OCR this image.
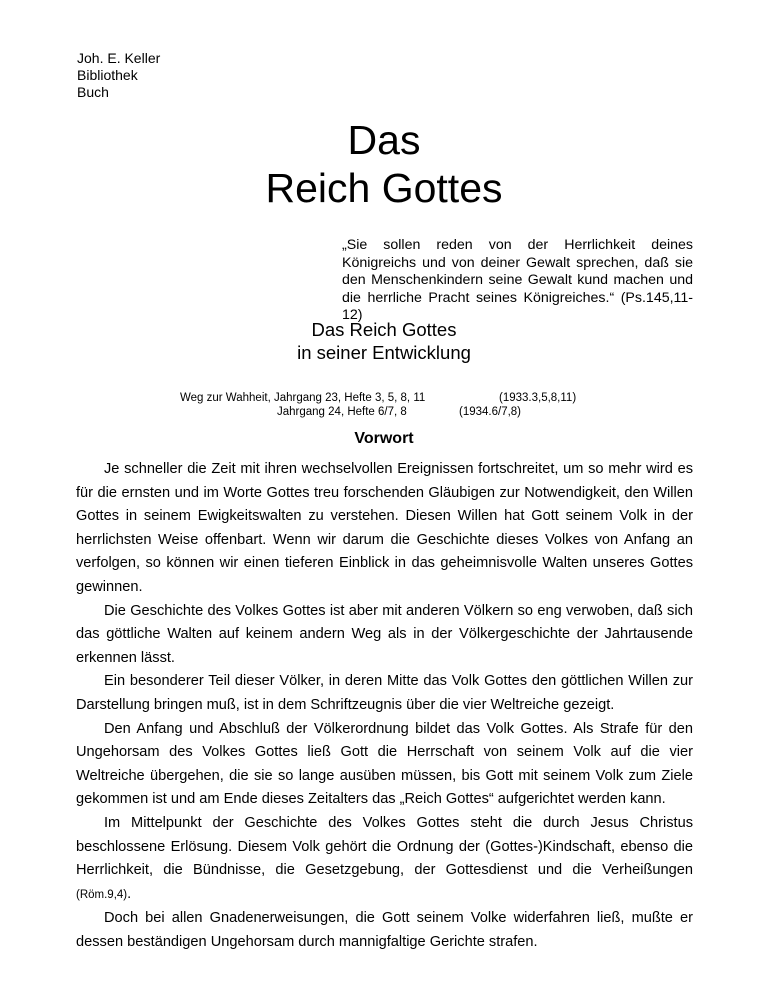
Joh. E. Keller
Bibliothek
Buch
Das
Reich Gottes
„Sie sollen reden von der Herrlichkeit deines Königreichs und von deiner Gewalt sprechen, daß sie den Menschenkindern seine Gewalt kund machen und die herrliche Pracht seines Königreiches.“ (Ps.145,11-12)
Das Reich Gottes
in seiner Entwicklung
Weg zur Wahheit, Jahrgang 23, Hefte 3, 5, 8, 11	(1933.3,5,8,11)
Jahrgang 24, Hefte 6/7, 8	(1934.6/7,8)
Vorwort

Je schneller die Zeit mit ihren wechselvollen Ereignissen fortschreitet, um so mehr wird es für die ernsten und im Worte Gottes treu forschenden Gläubigen zur Notwendigkeit, den Willen Gottes in seinem Ewigkeitswalten zu verstehen. Diesen Willen hat Gott seinem Volk in der herrlichsten Weise offenbart. Wenn wir darum die Geschichte dieses Volkes von Anfang an verfolgen, so können wir einen tieferen Einblick in das geheimnisvolle Walten unseres Gottes gewinnen.

Die Geschichte des Volkes Gottes ist aber mit anderen Völkern so eng verwoben, daß sich das göttliche Walten auf keinem andern Weg als in der Völkergeschichte der Jahrtausende erkennen lässt.

Ein besonderer Teil dieser Völker, in deren Mitte das Volk Gottes den göttlichen Willen zur Darstellung bringen muß, ist in dem Schriftzeugnis über die vier Weltreiche gezeigt.

Den Anfang und Abschluß der Völkerordnung bildet das Volk Gottes. Als Strafe für den Ungehorsam des Volkes Gottes ließ Gott die Herrschaft von seinem Volk auf die vier Weltreiche übergehen, die sie so lange ausüben müssen, bis Gott mit seinem Volk zum Ziele gekommen ist und am Ende dieses Zeitalters das „Reich Gottes“ aufgerichtet werden kann.

Im Mittelpunkt der Geschichte des Volkes Gottes steht die durch Jesus Christus beschlossene Erlösung. Diesem Volk gehört die Ordnung der (Gottes-)Kindschaft, ebenso die Herrlichkeit, die Bündnisse, die Gesetzgebung, der Gottesdienst und die Verheißungen (Röm.9,4).

Doch bei allen Gnadenerweisungen, die Gott seinem Volke widerfahren ließ, mußte er dessen beständigen Ungehorsam durch mannigfaltige Gerichte strafen.
